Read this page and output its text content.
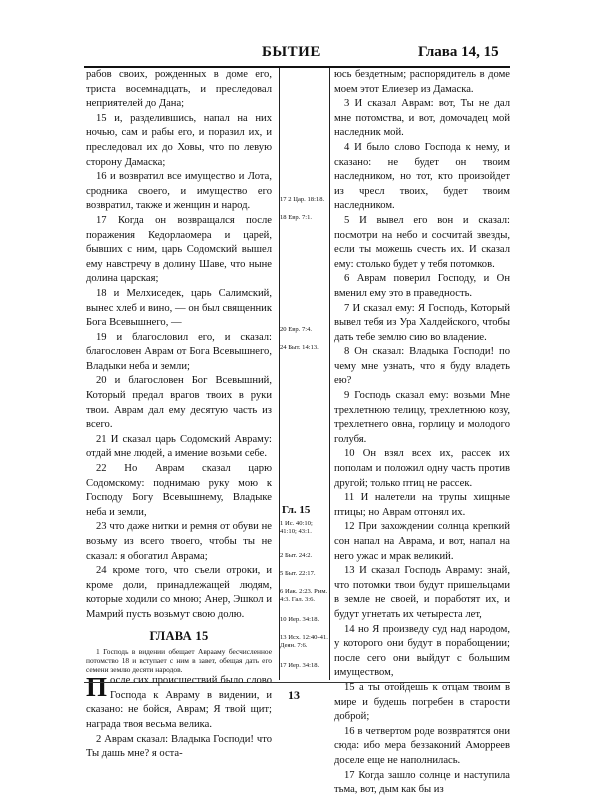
БЫТИЕ	Глава 14, 15

рабов своих, рожденных в доме его, триста восемнадцать, и преследовал неприятелей до Дана;

15 и, разделившись, напал на них ночью, сам и рабы его, и поразил их, и преследовал их до Ховы, что по левую сторону Дамаска;

16 и возвратил все имущество и Лота, сродника своего, и имущество его возвратил, также и женщин и народ.

17 Когда он возвращался после поражения Кедорлаомера и царей, бывших с ним, царь Содомский вышел ему навстречу в долину Шаве, что ныне долина царская;

18 и Мелхиседек, царь Салимский, вынес хлеб и вино, — он был священник Бога Всевышнего, —

19 и благословил его, и сказал: благословен Аврам от Бога Всевышнего, Владыки неба и земли;

20 и благословен Бог Всевышний, Который предал врагов твоих в руки твои. Аврам дал ему десятую часть из всего.

21 И сказал царь Содомский Авраму: отдай мне людей, а имение возьми себе.

22 Но Аврам сказал царю Содомскому: поднимаю руку мою к Господу Богу Всевышнему, Владыке неба и земли,

23 что даже нитки и ремня от обуви не возьму из всего твоего, чтобы ты не сказал: я обогатил Аврама;

24 кроме того, что съели отроки, и кроме доли, принадлежащей людям, которые ходили со мною; Анер, Эшкол и Мамрий пусть возьмут свою долю.

ГЛАВА 15

1 Господь в видении обещает Аврааму бесчисленное потомство 18 и вступает с ним в завет, обещая дать его семени землю десяти народов.

После сих происшествий было слово Господа к Авраму в видении, и сказано: не бойся, Аврам; Я твой щит; награда твоя весьма велика.

2 Аврам сказал: Владыка Господи! что Ты дашь мне? я оста-

17 2 Цар. 18:18.
18 Евр. 7:1.
20 Евр. 7:4.
24 Быт. 14:13.
1 Ис. 40:10; 41:10; 43:1.
2 Быт. 24:2.
5 Быт. 22:17.
6 Иак. 2:23. Рим. 4:3. Гал. 3:6.
10 Иер. 34:18.
13 Исх. 12:40-41. Деян. 7:6.
17 Иер. 34:18.
Гл. 15

юсь бездетным; распорядитель в доме моем этот Елиезер из Дамаска.

3 И сказал Аврам: вот, Ты не дал мне потомства, и вот, домочадец мой наследник мой.

4 И было слово Господа к нему, и сказано: не будет он твоим наследником, но тот, кто произойдет из чресл твоих, будет твоим наследником.

5 И вывел его вон и сказал: посмотри на небо и сосчитай звезды, если ты можешь счесть их. И сказал ему: столько будет у тебя потомков.

6 Аврам поверил Господу, и Он вменил ему это в праведность.

7 И сказал ему: Я Господь, Который вывел тебя из Ура Халдейского, чтобы дать тебе землю сию во владение.

8 Он сказал: Владыка Господи! по чему мне узнать, что я буду владеть ею?

9 Господь сказал ему: возьми Мне трехлетнюю телицу, трехлетнюю козу, трехлетнего овна, горлицу и молодого голубя.

10 Он взял всех их, рассек их пополам и положил одну часть против другой; только птиц не рассек.

11 И налетели на трупы хищные птицы; но Аврам отгонял их.

12 При захождении солнца крепкий сон напал на Аврама, и вот, напал на него ужас и мрак великий.

13 И сказал Господь Авраму: знай, что потомки твои будут пришельцами в земле не своей, и поработят их, и будут угнетать их четыреста лет,

14 но Я произведу суд над народом, у которого они будут в порабощении; после сего они выйдут с большим имуществом,

15 а ты отойдешь к отцам твоим в мире и будешь погребен в старости доброй;

16 в четвертом роде возвратятся они сюда: ибо мера беззаконий Аморреев доселе еще не наполнилась.

17 Когда зашло солнце и наступила тьма, вот, дым как бы из

13
